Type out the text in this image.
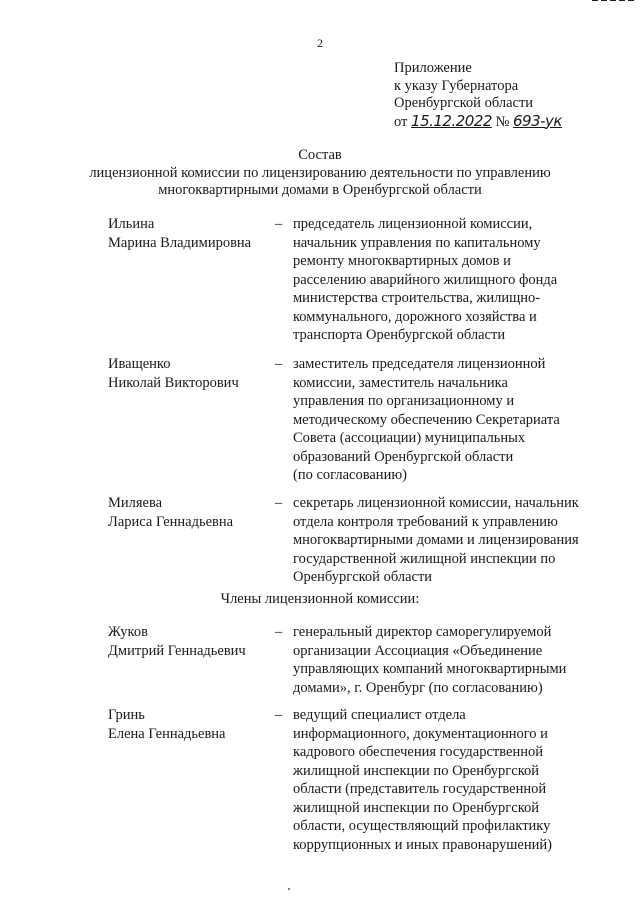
2
Приложение
к указу Губернатора
Оренбургской области
от 15.12.2022 № 693-ук
Состав
лицензионной комиссии по лицензированию деятельности по управлению
многоквартирными домами в Оренбургской области
Ильина
Марина Владимировна
– председатель лицензионной комиссии,
начальник управления по капитальному
ремонту многоквартирных домов и
расселению аварийного жилищного фонда
министерства строительства, жилищно-
коммунального, дорожного хозяйства и
транспорта Оренбургской области
Иващенко
Николай Викторович
– заместитель председателя лицензионной
комиссии, заместитель начальника
управления по организационному и
методическому обеспечению Секретариата
Совета (ассоциации) муниципальных
образований Оренбургской области
(по согласованию)
Миляева
Лариса Геннадьевна
– секретарь лицензионной комиссии, начальник
отдела контроля требований к управлению
многоквартирными домами и лицензирования
государственной жилищной инспекции по
Оренбургской области
Члены лицензионной комиссии:
Жуков
Дмитрий Геннадьевич
– генеральный директор саморегулируемой
организации Ассоциация «Объединение
управляющих компаний многоквартирными
домами», г. Оренбург (по согласованию)
Гринь
Елена Геннадьевна
– ведущий специалист отдела
информационного, документационного и
кадрового обеспечения государственной
жилищной инспекции по Оренбургской
области (представитель государственной
жилищной инспекции по Оренбургской
области, осуществляющий профилактику
коррупционных и иных правонарушений)
